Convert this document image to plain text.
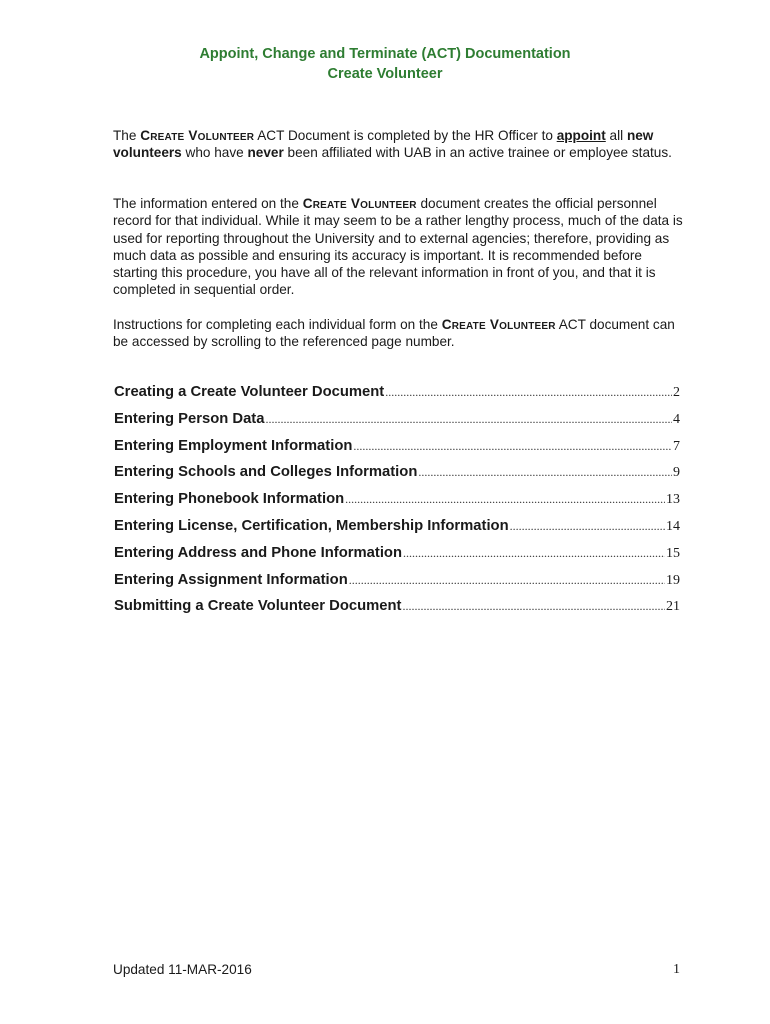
Appoint, Change and Terminate (ACT) Documentation
Create Volunteer
The Create Volunteer ACT Document is completed by the HR Officer to appoint all new volunteers who have never been affiliated with UAB in an active trainee or employee status.
The information entered on the Create Volunteer document creates the official personnel record for that individual. While it may seem to be a rather lengthy process, much of the data is used for reporting throughout the University and to external agencies; therefore, providing as much data as possible and ensuring its accuracy is important. It is recommended before starting this procedure, you have all of the relevant information in front of you, and that it is completed in sequential order.
Instructions for completing each individual form on the Create Volunteer ACT document can be accessed by scrolling to the referenced page number.
Creating a Create Volunteer Document .....	2
Entering Person Data .....	4
Entering Employment Information .....	7
Entering Schools and Colleges Information .....	9
Entering Phonebook Information .....	13
Entering License, Certification, Membership Information .....	14
Entering Address and Phone Information .....	15
Entering Assignment Information .....	19
Submitting a Create Volunteer Document .....	21
Updated 11-MAR-2016	1
